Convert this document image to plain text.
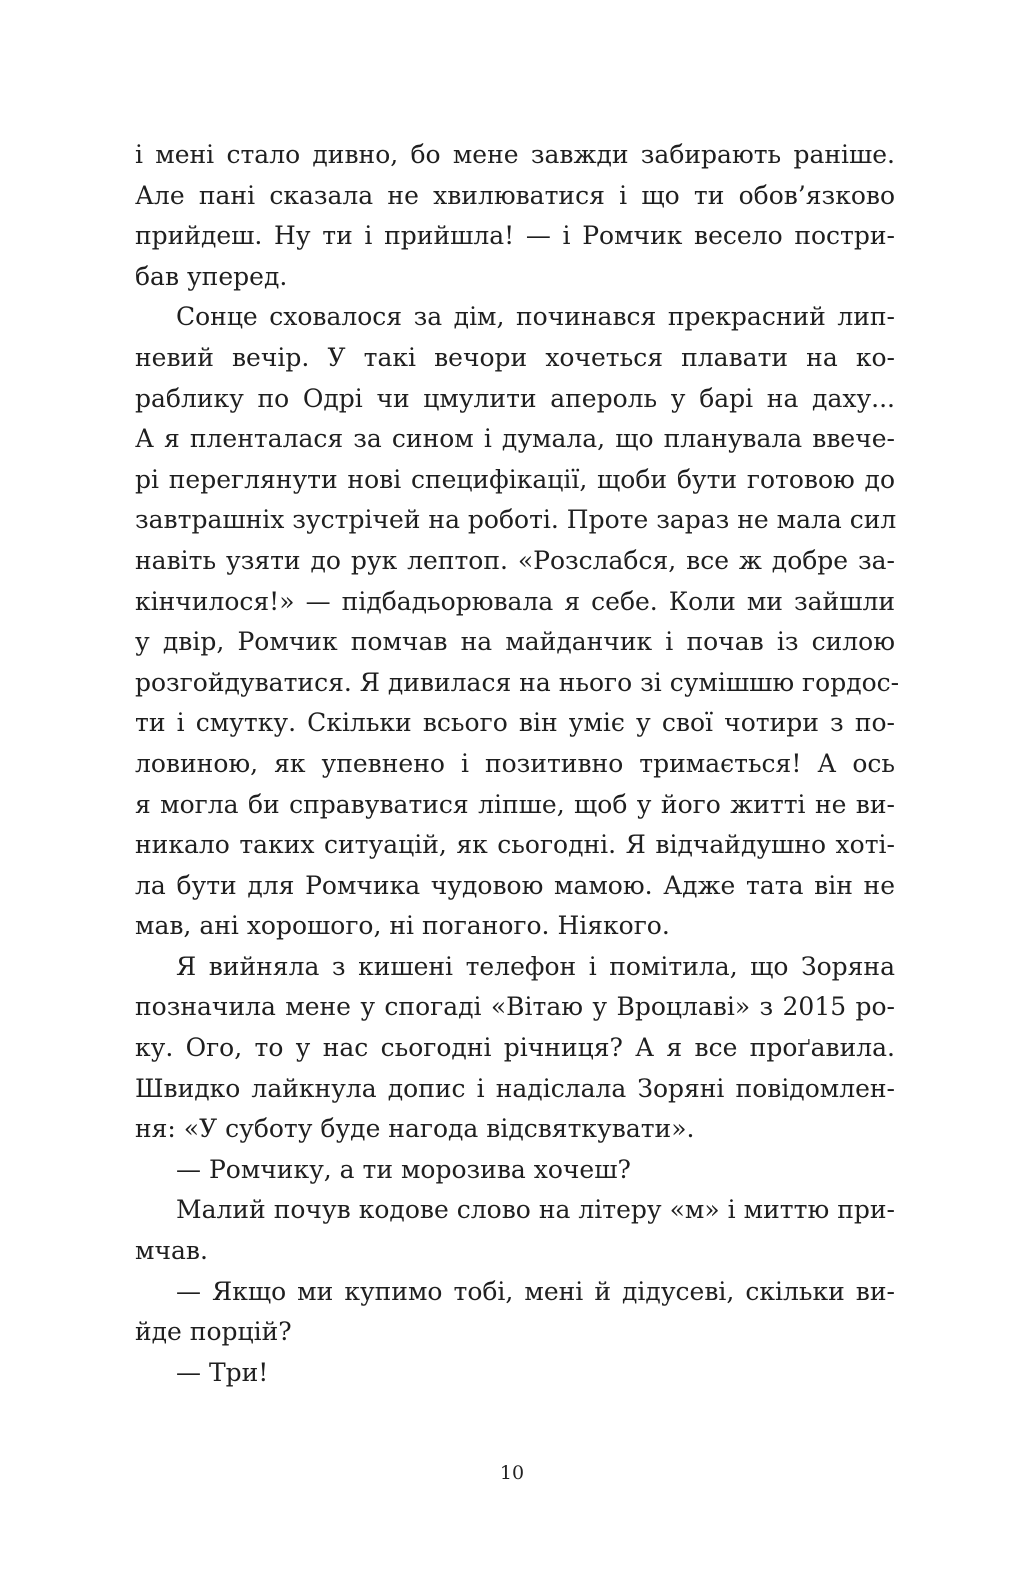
і мені стало дивно, бо мене завжди забирають раніше.
Але пані сказала не хвилюватися і що ти обов’язково
прийдеш. Ну ти і прийшла! — і Ромчик весело постри-
бав уперед.
Сонце сховалося за дім, починався прекрасний лип-
невий вечір. У такі вечори хочеться плавати на ко-
раблику по Одрі чи цмулити апероль у барі на даху...
А я пленталася за сином і думала, що планувала ввече-
рі переглянути нові специфікації, щоби бути готовою до
завтрашніх зустрічей на роботі. Проте зараз не мала сил
навіть узяти до рук лептоп. «Розслабся, все ж добре за-
кінчилося!» — підбадьорювала я себе. Коли ми зайшли
у двір, Ромчик помчав на майданчик і почав із силою
розгойдуватися. Я дивилася на нього зі сумішшю гордос-
ти і смутку. Скільки всього він уміє у свої чотири з по-
ловиною, як упевнено і позитивно тримається! А ось
я могла би справуватися ліпше, щоб у його житті не ви-
никало таких ситуацій, як сьогодні. Я відчайдушно хоті-
ла бути для Ромчика чудовою мамою. Адже тата він не
мав, ані хорошого, ні поганого. Ніякого.
Я вийняла з кишені телефон і помітила, що Зоряна
позначила мене у спогаді «Вітаю у Вроцлаві» з 2015 ро-
ку. Ого, то у нас сьогодні річниця? А я все проґавила.
Швидко лайкнула допис і надіслала Зоряні повідомлен-
ня: «У суботу буде нагода відсвяткувати».
— Ромчику, а ти морозива хочеш?
Малий почув кодове слово на літеру «м» і миттю при-
мчав.
— Якщо ми купимо тобі, мені й дідусеві, скільки ви-
йде порцій?
— Три!
10
